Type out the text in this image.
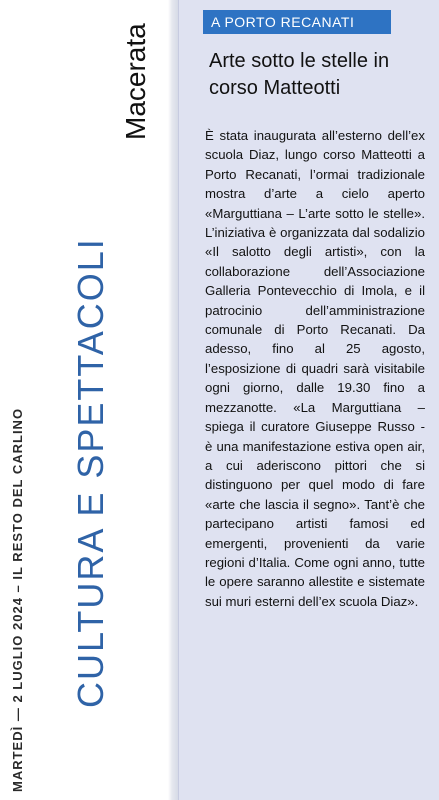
MARTEDÌ — 2 LUGLIO 2024 – IL RESTO DEL CARLINO CULTURA E SPETTACOLI
Macerata
A PORTO RECANATI
Arte sotto le stelle in corso Matteotti
È stata inaugurata all’esterno dell’ex scuola Diaz, lungo corso Matteotti a Porto Recanati, l’ormai tradizionale mostra d’arte a cielo aperto «Marguttiana – L’arte sotto le stelle». L’iniziativa è organizzata dal sodalizio «Il salotto degli artisti», con la collaborazione dell’Associazione Galleria Pontevecchio di Imola, e il patrocinio dell’amministrazione comunale di Porto Recanati. Da adesso, fino al 25 agosto, l’esposizione di quadri sarà visitabile ogni giorno, dalle 19.30 fino a mezzanotte. «La Marguttiana – spiega il curatore Giuseppe Russo - è una manifestazione estiva open air, a cui aderiscono pittori che si distinguono per quel modo di fare «arte che lascia il segno». Tant’è che partecipano artisti famosi ed emergenti, provenienti da varie regioni d’Italia. Come ogni anno, tutte le opere saranno allestite e sistemate sui muri esterni dell’ex scuola Diaz».
